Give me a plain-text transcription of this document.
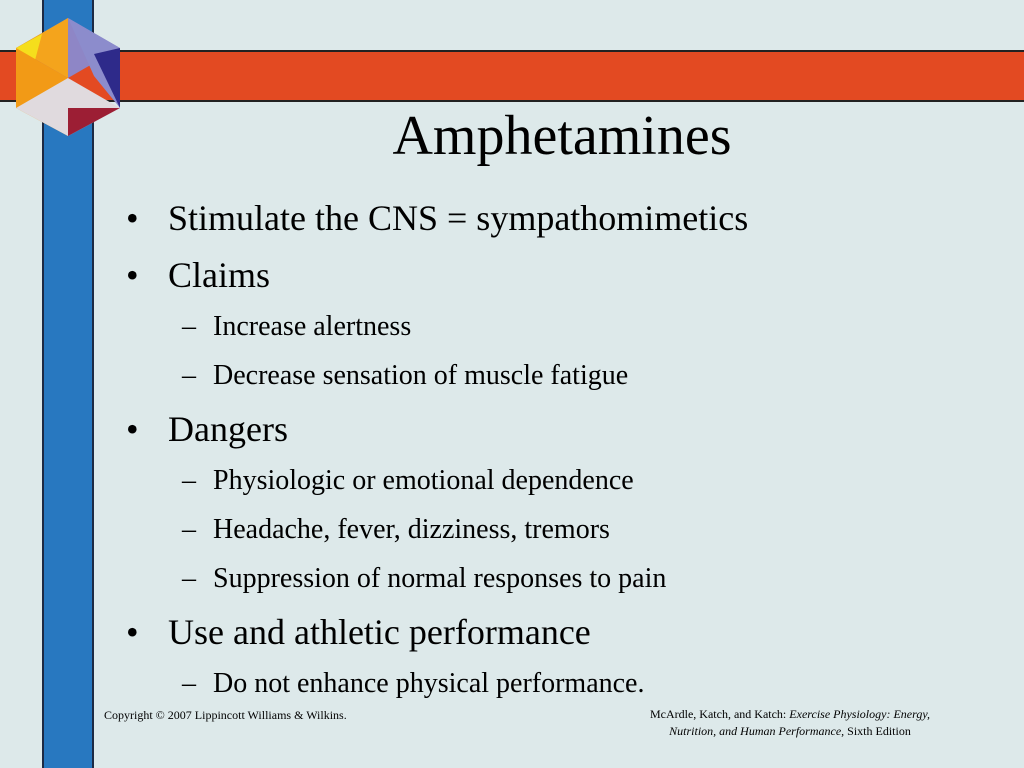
Amphetamines
• Stimulate the CNS = sympathomimetics
• Claims
– Increase alertness
– Decrease sensation of muscle fatigue
• Dangers
– Physiologic or emotional dependence
– Headache, fever, dizziness, tremors
– Suppression of normal responses to pain
• Use and athletic performance
– Do not enhance physical performance.
Copyright © 2007 Lippincott Williams & Wilkins.	McArdle, Katch, and Katch: Exercise Physiology: Energy,
Nutrition, and Human Performance, Sixth Edition
